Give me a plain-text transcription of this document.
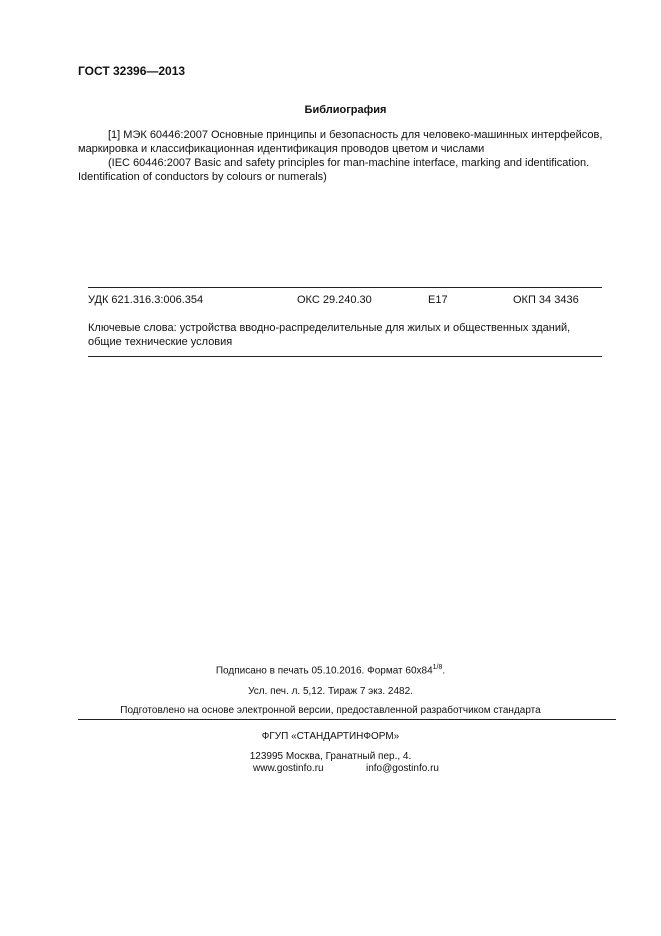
ГОСТ 32396—2013
Библиография

[1] МЭК 60446:2007 Основные принципы и безопасность для человеко-машинных интерфейсов,

маркировка и классификационная идентификация проводов цветом и числами

(IEC 60446:2007 Basic and safety principles for man-machine interface, marking and identification.

Identification of conductors by colours or numerals)

УДК 621.316.3:006.354	ОКС 29.240.30	Е17	ОКП 34 3436
Ключевые слова: устройства вводно-распределительные для жилых и общественных зданий,
общие технические условия
Подписано в печать 05.10.2016. Формат $60х84^{1/8}$.
Усл. печ. л. 5,12. Тираж 7 экз. 2482.
Подготовлено на основе электронной версии, предоставленной разработчиком стандарта
ФГУП «СТАНДАРТИНФОРМ»
123995 Москва, Гранатный пер., 4.
www.gostinfo.ru	info@gostinfo.ru
